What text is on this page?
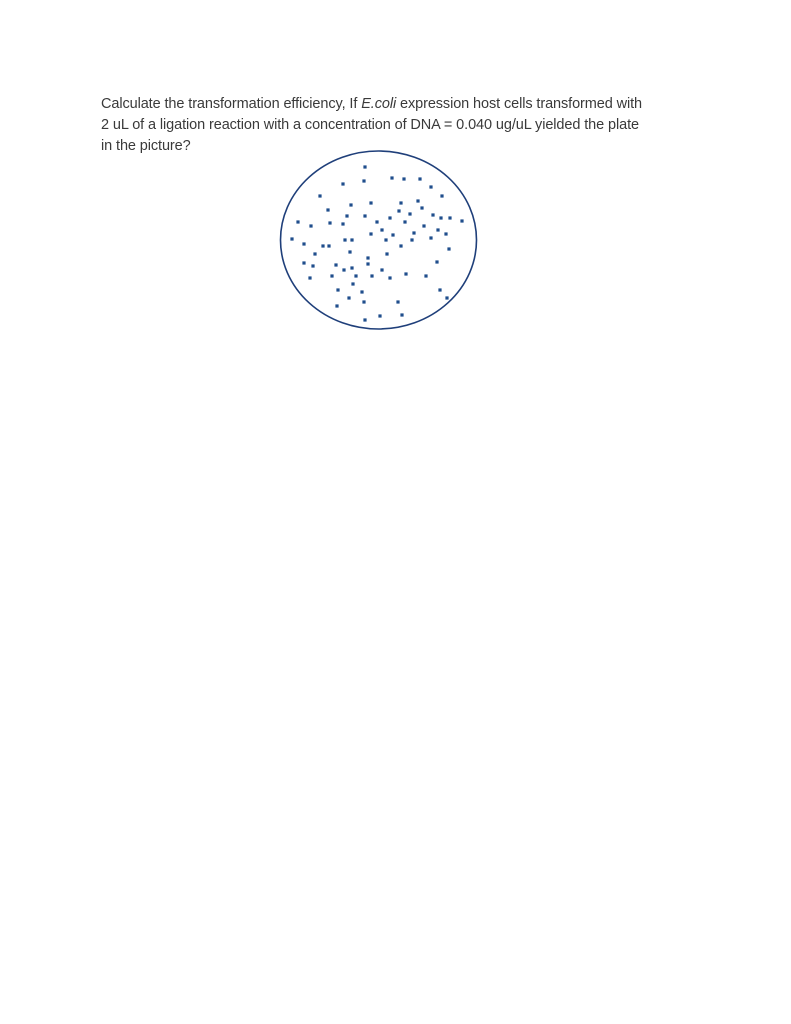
Calculate the transformation efficiency, If E.coli expression host cells transformed with
2 uL of a ligation reaction with a concentration of DNA = 0.040 ug/uL yielded the plate
in the picture?
